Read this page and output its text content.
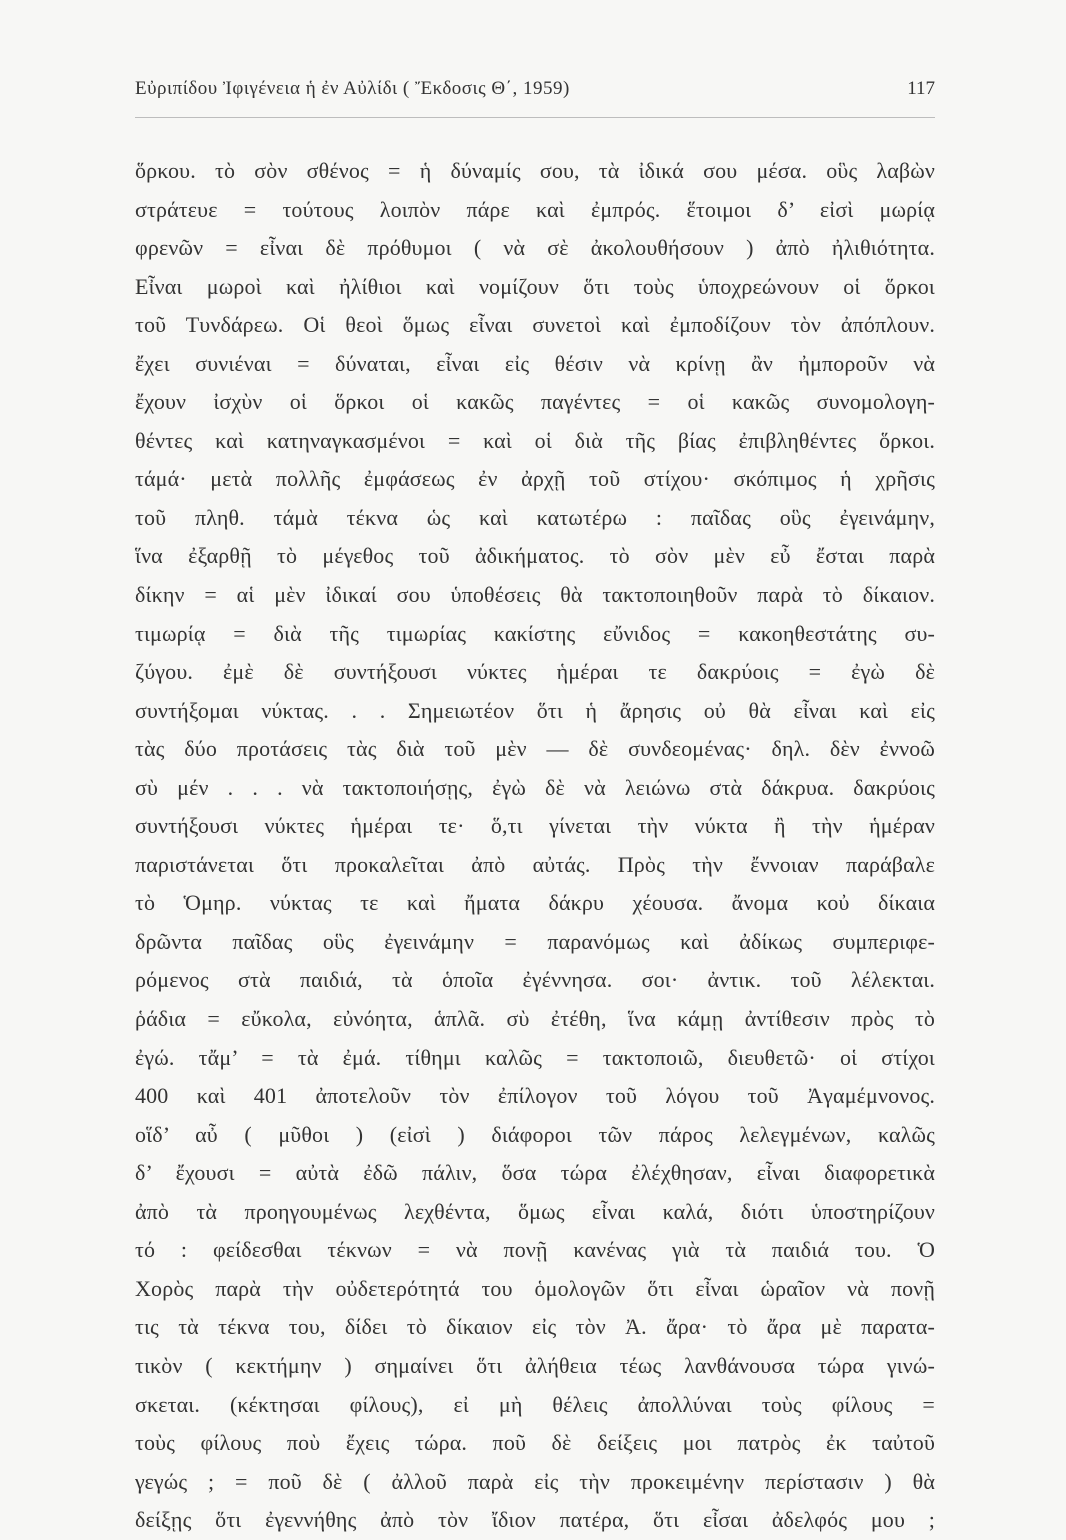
Εὐριπίδου Ἰφιγένεια ἡ ἐν Αὐλίδι ( Ἔκδοσις Θ΄, 1959)	117
ὅρκου. τὸ σὸν σθένος = ἡ δύναμίς σου, τὰ ἰδικά σου μέσα. οὓς λαβὼν
στράτευε = τούτους λοιπὸν πάρε καὶ ἐμπρός. ἕτοιμοι δ’ εἰσὶ μωρίᾳ
φρενῶν = εἶναι δὲ πρόθυμοι ( νὰ σὲ ἀκολουθήσουν ) ἀπὸ ἠλιθιότητα.
Εἶναι μωροὶ καὶ ἠλίθιοι καὶ νομίζουν ὅτι τοὺς ὑποχρεώνουν οἱ ὅρκοι
τοῦ Τυνδάρεω. Οἱ θεοὶ ὅμως εἶναι συνετοὶ καὶ ἐμποδίζουν τὸν ἀπόπλουν.
ἔχει συνιέναι = δύναται, εἶναι εἰς θέσιν νὰ κρίνῃ ἂν ἠμποροῦν νὰ
ἔχουν ἰσχὺν οἱ ὅρκοι οἱ κακῶς παγέντες = οἱ κακῶς συνομολογη-
θέντες καὶ κατηναγκασμένοι = καὶ οἱ διὰ τῆς βίας ἐπιβληθέντες ὅρκοι.
τάμά· μετὰ πολλῆς ἐμφάσεως ἐν ἀρχῇ τοῦ στίχου· σκόπιμος ἡ χρῆσις
τοῦ πληθ. τάμὰ τέκνα ὡς καὶ κατωτέρω : παῖδας οὓς ἐγεινάμην,
ἵνα ἐξαρθῇ τὸ μέγεθος τοῦ ἀδικήματος. τὸ σὸν μὲν εὖ ἔσται παρὰ
δίκην = αἱ μὲν ἰδικαί σου ὑποθέσεις θὰ τακτοποιηθοῦν παρὰ τὸ δίκαιον.
τιμωρίᾳ = διὰ τῆς τιμωρίας κακίστης εὔνιδος = κακοηθεστάτης συ-
ζύγου. ἐμὲ δὲ συντήξουσι νύκτες ἡμέραι τε δακρύοις = ἐγὼ δὲ
συντήξομαι νύκτας. . . Σημειωτέον ὅτι ἡ ἄρησις οὐ θὰ εἶναι καὶ εἰς
τὰς δύο προτάσεις τὰς διὰ τοῦ μὲν — δὲ συνδεομένας· δηλ. δὲν ἐννοῶ
σὺ μέν . . . νὰ τακτοποιήσῃς, ἐγὼ δὲ νὰ λειώνω στὰ δάκρυα. δακρύοις
συντήξουσι νύκτες ἡμέραι τε· ὅ,τι γίνεται τὴν νύκτα ἢ τὴν ἡμέραν
παριστάνεται ὅτι προκαλεῖται ἀπὸ αὐτάς. Πρὸς τὴν ἔννοιαν παράβαλε
τὸ Ὁμηρ. νύκτας τε καὶ ἤματα δάκρυ χέουσα. ἄνομα κοὐ δίκαια
δρῶντα παῖδας οὓς ἐγεινάμην = παρανόμως καὶ ἀδίκως συμπεριφε-
ρόμενος στὰ παιδιά, τὰ ὁποῖα ἐγέννησα. σοι· ἀντικ. τοῦ λέλεκται.
ῥάδια = εὔκολα, εὐνόητα, ἁπλᾶ. σὺ ἐτέθη, ἵνα κάμῃ ἀντίθεσιν πρὸς τὸ
ἐγώ. τἄμ’ = τὰ ἐμά. τίθημι καλῶς = τακτοποιῶ, διευθετῶ· οἱ στίχοι
400 καὶ 401 ἀποτελοῦν τὸν ἐπίλογον τοῦ λόγου τοῦ Ἀγαμέμνονος.
οἵδ’ αὖ ( μῦθοι ) (εἰσὶ ) διάφοροι τῶν πάρος λελεγμένων, καλῶς
δ’ ἔχουσι = αὐτὰ ἐδῶ πάλιν, ὅσα τώρα ἐλέχθησαν, εἶναι διαφορετικὰ
ἀπὸ τὰ προηγουμένως λεχθέντα, ὅμως εἶναι καλά, διότι ὑποστηρίζουν
τό : φείδεσθαι τέκνων = νὰ πονῇ κανένας γιὰ τὰ παιδιά του. Ὁ
Χορὸς παρὰ τὴν οὐδετερότητά του ὁμολογῶν ὅτι εἶναι ὡραῖον νὰ πονῇ
τις τὰ τέκνα του, δίδει τὸ δίκαιον εἰς τὸν Ἀ. ἄρα· τὸ ἄρα μὲ παρατα-
τικὸν ( κεκτήμην ) σημαίνει ὅτι ἀλήθεια τέως λανθάνουσα τώρα γινώ-
σκεται. (κέκτησαι φίλους), εἰ μὴ θέλεις ἀπολλύναι τοὺς φίλους =
τοὺς φίλους ποὺ ἔχεις τώρα. ποῦ δὲ δείξεις μοι πατρὸς ἐκ ταὐτοῦ
γεγώς ; = ποῦ δὲ ( ἀλλοῦ παρὰ εἰς τὴν προκειμένην περίστασιν ) θὰ
δείξῃς ὅτι ἐγεννήθης ἀπὸ τὸν ἴδιον πατέρα, ὅτι εἶσαι ἀδελφός μου ;
